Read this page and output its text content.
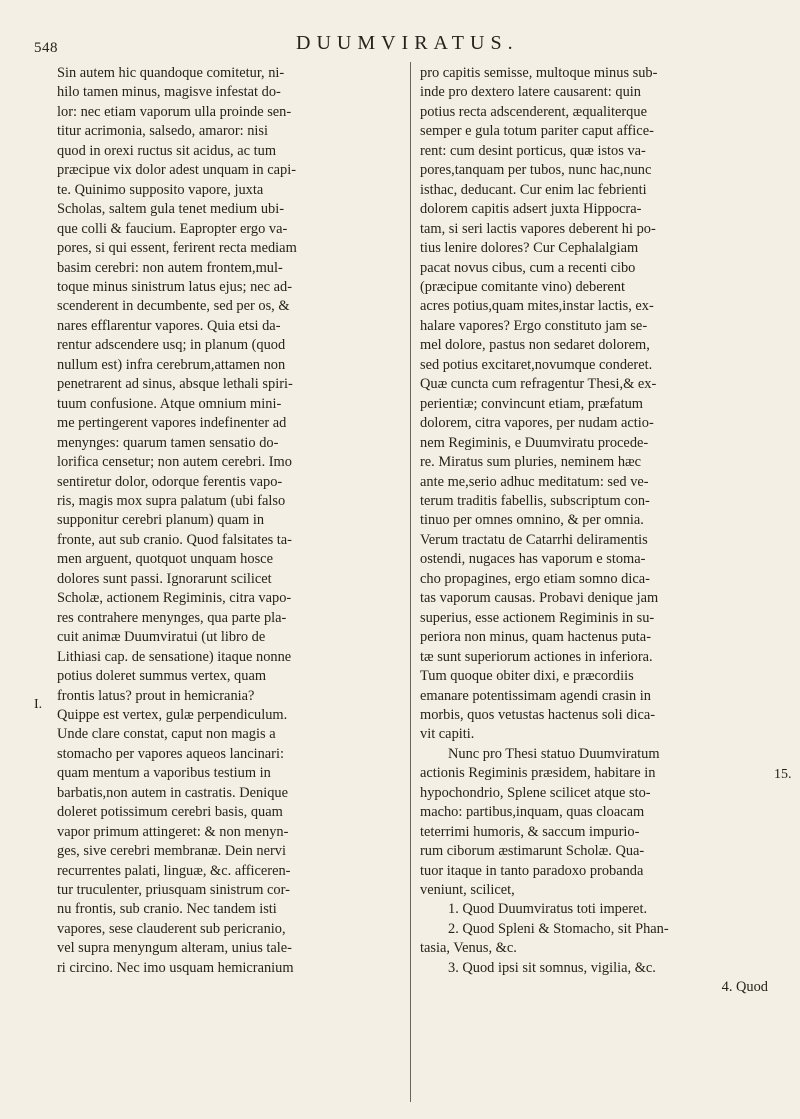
548	DUUMVIRATUS.
Sin autem hic quandoque comitetur, ni-
hilo tamen minus, magisve infestat do-
lor: nec etiam vaporum ulla proinde sen-
titur acrimonia, salsedo, amaror: nisi
quod in orexi ructus sit acidus, ac tum
præcipue vix dolor adest unquam in capi-
te. Quinimo supposito vapore, juxta
Scholas, saltem gula tenet medium ubi-
que colli & faucium. Eapropter ergo va-
pores, si qui essent, ferirent recta mediam
basim cerebri: non autem frontem,mul-
toque minus sinistrum latus ejus; nec ad-
scenderent in decumbente, sed per os, &
nares efflarentur vapores. Quia etsi da-
rentur adscendere usq; in planum (quod
nullum est) infra cerebrum,attamen non
penetrarent ad sinus, absque lethali spiri-
tuum confusione. Atque omnium mini-
me pertingerent vapores indefinenter ad
menynges: quarum tamen sensatio do-
lorifica censetur; non autem cerebri. Imo
sentiretur dolor, odorque ferentis vapo-
ris, magis mox supra palatum (ubi falso
supponitur cerebri planum) quam in
fronte, aut sub cranio. Quod falsitates ta-
men arguent, quotquot unquam hosce
dolores sunt passi. Ignorarunt scilicet
Scholæ, actionem Regiminis, citra vapo-
res contrahere menynges, qua parte pla-
cuit animæ Duumviratui (ut libro de
Lithiasi cap. de sensatione) itaque nonne
potius doleret summus vertex, quam
frontis latus? prout in hemicrania?
Quippe est vertex, gulæ perpendiculum.
Unde clare constat, caput non magis a
stomacho per vapores aqueos lancinari:
quam mentum a vaporibus testium in
barbatis,non autem in castratis. Denique
doleret potissimum cerebri basis, quam
vapor primum attingeret: & non menyn-
ges, sive cerebri membranæ. Dein nervi
recurrentes palati, linguæ, &c. afficeren-
tur truculenter, priusquam sinistrum cor-
nu frontis, sub cranio. Nec tandem isti
vapores, sese clauderent sub pericranio,
vel supra menyngum alteram, unius tale-
ri circino. Nec imo usquam hemicranium
pro capitis semisse, multoque minus sub-
inde pro dextero latere causarent: quin
potius recta adscenderent, æqualiterque
semper e gula totum pariter caput affice-
rent: cum desint porticus, quæ istos va-
pores,tanquam per tubos, nunc hac,nunc
isthac, deducant. Cur enim lac febrienti
dolorem capitis adsert juxta Hippocra-
tam, si seri lactis vapores deberent hi po-
tius lenire dolores? Cur Cephalalgiam
pacat novus cibus, cum a recenti cibo
(præcipue comitante vino) deberent
acres potius,quam mites,instar lactis, ex-
halare vapores? Ergo constituto jam se-
mel dolore, pastus non sedaret dolorem,
sed potius excitaret,novumque conderet.
Quæ cuncta cum refragentur Thesi,& ex-
perientiæ; convincunt etiam, præfatum
dolorem, citra vapores, per nudam actio-
nem Regiminis, e Duumviratu procede-
re. Miratus sum pluries, neminem hæc
ante me,serio adhuc meditatum: sed ve-
terum traditis fabellis, subscriptum con-
tinuo per omnes omnino, & per omnia.
Verum tractatu de Catarrhi deliramentis
ostendi, nugaces has vaporum e stoma-
cho propagines, ergo etiam somno dica-
tas vaporum causas. Probavi denique jam
superius, esse actionem Regiminis in su-
periora non minus, quam hactenus puta-
tæ sunt superiorum actiones in inferiora.
Tum quoque obiter dixi, e præcordiis
emanare potentissimam agendi crasin in
morbis, quos vetustas hactenus soli dica-
vit capiti.
Nunc pro Thesi statuo Duumviratum
actionis Regiminis præsidem, habitare in
hypochondrio, Splene scilicet atque sto-
macho: partibus,inquam, quas cloacam
teterrimi humoris, & saccum impurio-
rum ciborum æstimarunt Scholæ. Qua-
tuor itaque in tanto paradoxo probanda
veniunt, scilicet,
1. Quod Duumviratus toti imperet.
2. Quod Spleni & Stomacho, sit Phan-
tasia, Venus, &c.
3. Quod ipsi sit somnus, vigilia, &c.
4. Quod
I.
15.
